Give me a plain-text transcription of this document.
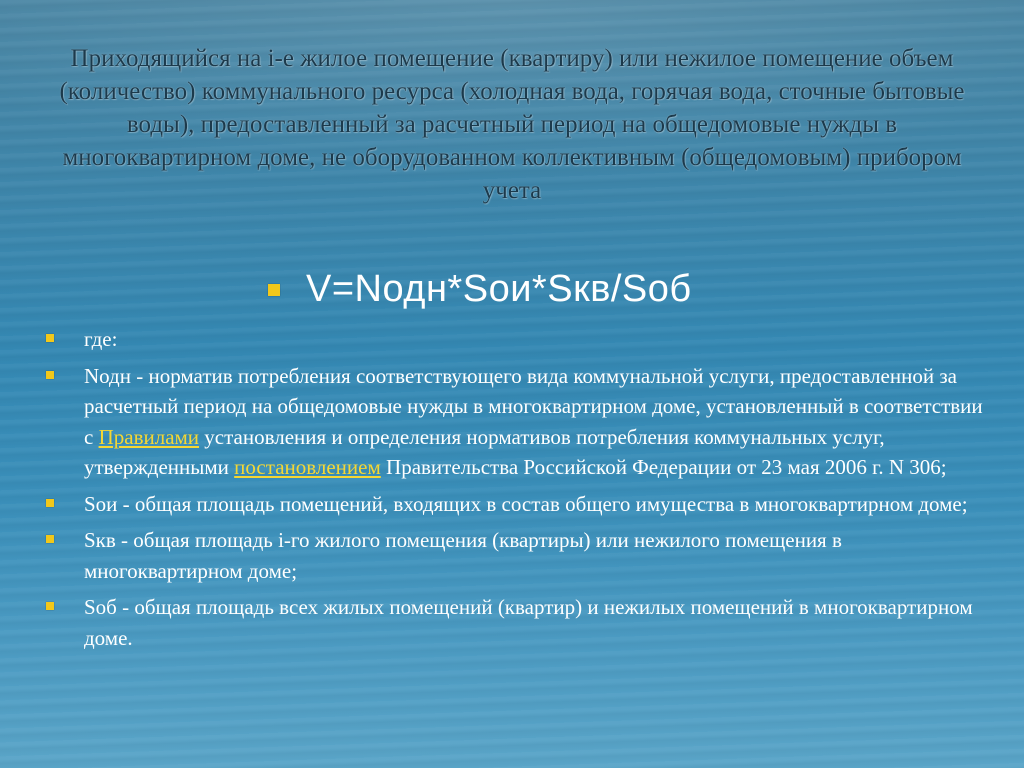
Приходящийся на i-е жилое помещение (квартиру) или нежилое помещение объем (количество) коммунального ресурса (холодная вода, горячая вода, сточные бытовые воды), предоставленный за расчетный период на общедомовые нужды в многоквартирном доме, не оборудованном коллективным (общедомовым) прибором учета
V=Nодн*Sои*Sкв/Sоб
где:
Nодн - норматив потребления соответствующего вида коммунальной услуги, предоставленной за расчетный период на общедомовые нужды в многоквартирном доме, установленный в соответствии с Правилами установления и определения нормативов потребления коммунальных услуг, утвержденными постановлением Правительства Российской Федерации от 23 мая 2006 г. N 306;
Sои - общая площадь помещений, входящих в состав общего имущества в многоквартирном доме;
Sкв - общая площадь i-го жилого помещения (квартиры) или нежилого помещения в многоквартирном доме;
Sоб - общая площадь всех жилых помещений (квартир) и нежилых помещений в многоквартирном доме.
